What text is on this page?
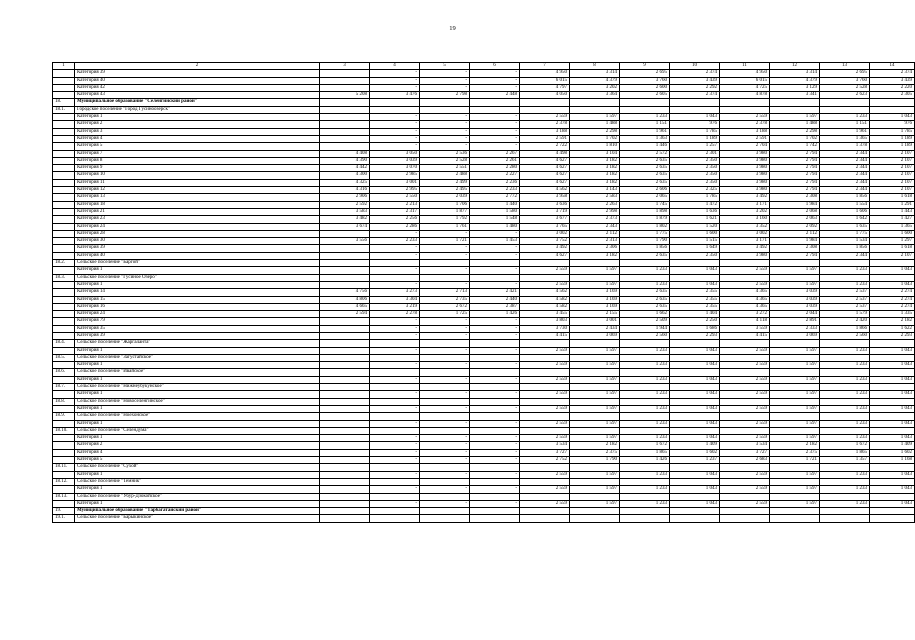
19
1	2	3	4	5	6	7	8	9	10	11	12	13	14
	Категория 39		-	-	-	4 950	3 314	2 695	2 374	4 950	3 314	2 695	2 374
	Категория 40		-	-	-	6 015	4 379	3 760	3 439	6 015	4 379	3 760	3 439
	Категория 42		-	-	-	4 797	3 202	2 600	2 292	4 725	3 129	2 528	2 220
	Категория 43	5 208	3 476	2 798	2 448	4 050	3 364	2 605	2 374	4 878	3 341	2 623	2 305
18.	Муниципальное образование "Селенгинский район"												
18.1.	Городское поселение "Город Гусиноозерск"												
	Категория 1		-	-	-	2 559	1 597	1 233	1 043	2 559	1 597	1 233	1 043
	Категория 2		-	-	-	2 378	1 488	1 151	976	2 378	1 488	1 151	976
	Категория 3		-	-	-	3 188	2 298	1 961	1 785	3 188	2 298	1 961	1 785
	Категория 4		-	-	-	2 591	1 702	1 363	1 189	2 591	1 702	1 365	1 189
	Категория 5		-	-	-	2 722	1 810	1 446	1 257	2 704	1 742	1 378	1 189
	Категория 7	4 408	3 050	2 536	2 267	4 498	3 104	2 572	2 301	3 980	2 794	2 344	2 107
	Категория 8	4 390	3 039	2 528	2 261	4 627	3 182	2 635	2 350	3 980	2 794	2 344	2 107
	Категория 9	4 442	3 070	2 551	2 280	4 627	3 182	2 635	2 350	3 980	2 794	2 344	2 107
	Категория 10	4 300	2 985	2 488	2 227	4 627	3 182	2 635	2 350	3 980	2 794	2 344	2 107
	Категория 11	4 325	3 001	2 499	2 236	4 627	3 182	2 635	2 350	3 980	2 794	2 344	2 107
	Категория 12	4 316	2 995	2 495	2 233	4 562	3 143	2 606	2 325	3 980	2 794	2 344	2 107
	Категория 13	2 906	2 550	2 039	2 772	3 958	2 583	2 065	1 785	3 492	2 308	1 856	1 618
	Категория 18	2 592	2 213	1 706	1 440	3 636	2 263	1 745	1 472	3 171	1 984	1 554	1 291
	Категория 21	3 583	2 317	1 877	1 580	3 719	2 998	1 898	1 636	3 202	2 068	1 606	1 443
	Категория 23	3 482	2 256	1 792	1 548	3 677	2 373	1 879	1 621	3 160	2 063	1 642	1 427
	Категория 24	3 674	2 286	1 761	1 480	3 765	2 343	1 802	1 520	3 352	2 092	1 635	1 365
	Категория 28		-	-	-	3 002	2 112	1 775	1 600	3 002	2 112	1 775	1 600
	Категория 30	3 556	2 233	1 721	1 453	3 752	2 313	1 790	1 515	3 171	1 984	1 534	1 297
	Категория 39		-	-	-	3 492	2 306	1 856	1 649	3 492	2 308	1 856	1 618
	Категория 40		-	-	-	4 627	3 182	2 635	2 350	3 980	2 794	2 344	2 107
18.2.	Сельское поселение "Баргой"												
	Категория 1		-	-	-	2 559	1 597	1 233	1 043	2 559	1 597	1 233	1 043
18.3.	Сельское поселение "Гусиное Озеро"												
	Категория 1		-	-	-	2 559	1 597	1 233	1 043	2 559	1 597	1 233	1 043
	Категория 14	4 756	3 273	2 713	2 421	4 562	3 169	2 635	2 355	4 365	3 039	2 537	2 274
	Категория 15	4 806	3 304	2 735	2 440	4 582	3 169	2 635	2 355	4 365	3 039	2 537	2 274
	Категория 16	4 665	3 219	2 672	2 387	4 582	3 169	2 635	2 355	4 365	3 039	2 537	2 274
	Категория 24	2 594	2 278	1 725	1 426	3 455	2 155	1 662	1 404	3 272	2 044	1 579	1 335
	Категория 79		-	-	-	3 803	3 001	2 509	2 250	4 118	2 891	2 420	2 182
	Категория 35		-	-	-	3 730	2 434	1 944	1 686	3 559	2 333	1 866	1 622
	Категория 39		-	-	-	4 415	3 069	2 560	2 293	4 415	3 069	2 560	2 293
18.4.	Сельское поселение "Жаргаланта"												
	Категория 1		-	-	-	2 559	1 597	1 233	1 043	2 559	1 597	1 233	1 043
18.5.	Сельское поселение "Загустайское"												
	Категория 1		-	-	-	2 559	1 597	1 233	1 043	2 559	1 597	1 233	1 043
18.6.	Сельское поселение "Ивайское"												
	Категория 1		-	-	-	2 559	1 597	1 233	1 043	2 559	1 597	1 233	1 043
18.7.	Сельское поселение "Нижнеубукунское"												
	Категория 1		-	-	-	2 559	1 597	1 233	1 043	2 559	1 597	1 233	1 043
18.8.	Сельское поселение "Новоселенгинское"												
	Категория 1		-	-	-	2 559	1 597	1 233	1 043	2 559	1 597	1 233	1 043
18.9.	Сельское поселение "Ноехонское"												
	Категория 1		-	-	-	2 559	1 597	1 233	1 043	2 559	1 597	1 233	1 043
18.10.	Сельское поселение "Селендума"												
	Категория 1		-	-	-	2 559	1 597	1 233	1 043	2 559	1 597	1 233	1 043
	Категория 2		-	-	-	3 534	2 182	1 672	1 409	3 534	2 182	1 672	1 409
	Категория 4		-	-	-	3 727	2 375	1 865	1 602	3 727	2 375	1 865	1 602
	Категория 5		-	-	-	2 752	1 790	1 426	1 237	2 683	1 721	1 357	1 168
18.11.	Сельское поселение "Сухой"												
	Категория 1		-	-	-	2 559	1 597	1 233	1 043	2 559	1 597	1 233	1 043
18.12.	Сельское поселение "Темник"												
	Категория 1		-	-	-	2 559	1 597	1 233	1 043	2 559	1 597	1 233	1 043
18.13.	Сельское поселение "Убур-Дзокойское"												
	Категория 1		-	-	-	2 559	1 597	1 233	1 043	2 559	1 597	1 233	1 043
19.	Муниципальное образование "Тарбагатайский район"												
19.1.	Сельское поселение "Барыкинское"												
